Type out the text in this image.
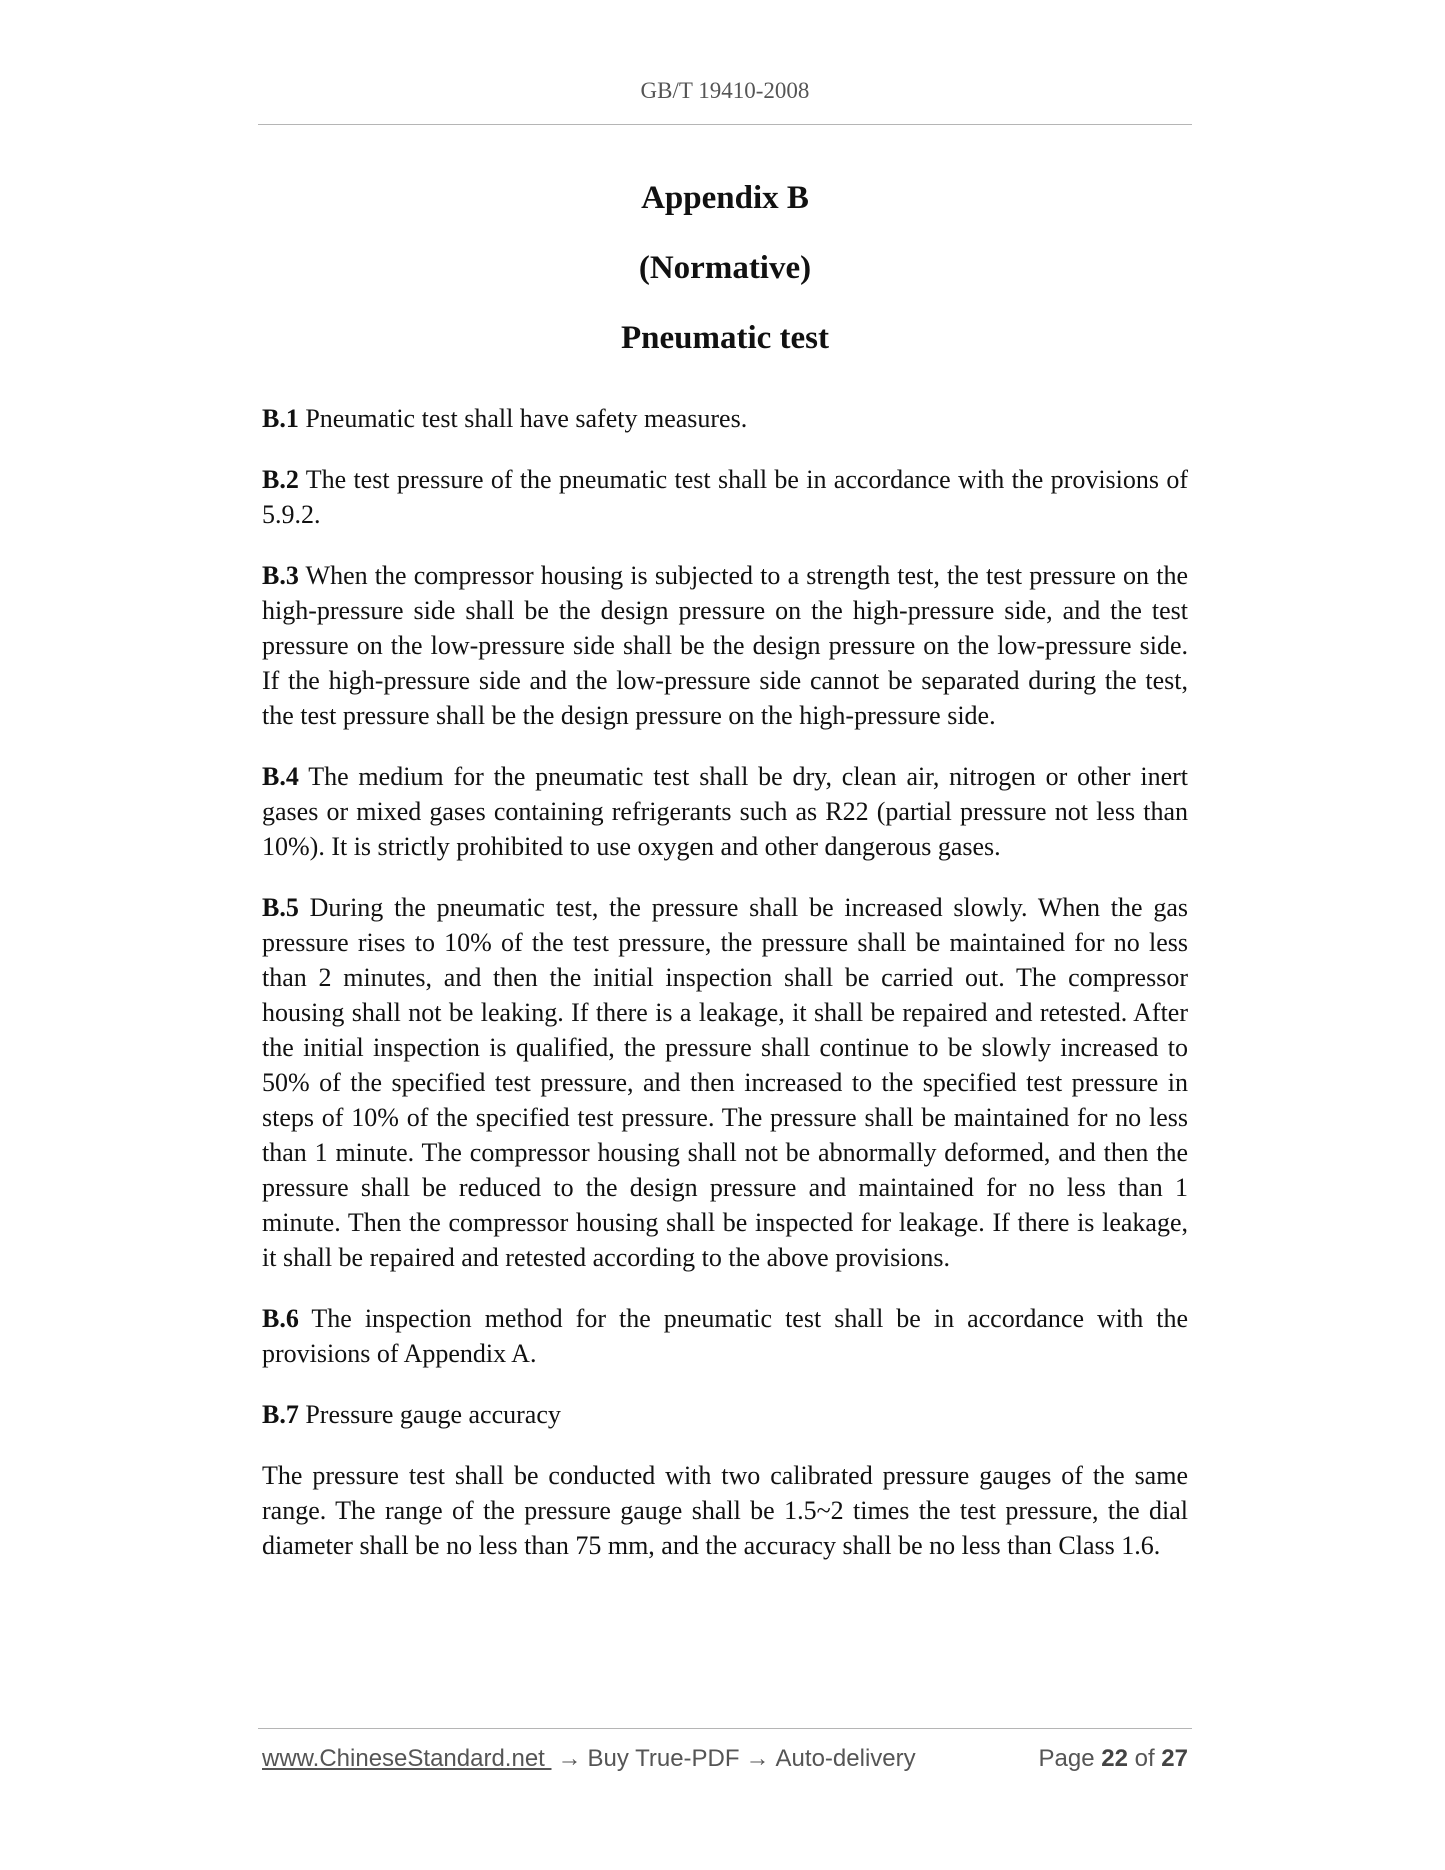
GB/T 19410-2008
Appendix B
(Normative)
Pneumatic test

B.1 Pneumatic test shall have safety measures.

B.2 The test pressure of the pneumatic test shall be in accordance with the provisions of 5.9.2.

B.3 When the compressor housing is subjected to a strength test, the test pressure on the high-pressure side shall be the design pressure on the high-pressure side, and the test pressure on the low-pressure side shall be the design pressure on the low-pressure side. If the high-pressure side and the low-pressure side cannot be separated during the test, the test pressure shall be the design pressure on the high-pressure side.

B.4 The medium for the pneumatic test shall be dry, clean air, nitrogen or other inert gases or mixed gases containing refrigerants such as R22 (partial pressure not less than 10%). It is strictly prohibited to use oxygen and other dangerous gases.

B.5 During the pneumatic test, the pressure shall be increased slowly. When the gas pressure rises to 10% of the test pressure, the pressure shall be maintained for no less than 2 minutes, and then the initial inspection shall be carried out. The compressor housing shall not be leaking. If there is a leakage, it shall be repaired and retested. After the initial inspection is qualified, the pressure shall continue to be slowly increased to 50% of the specified test pressure, and then increased to the specified test pressure in steps of 10% of the specified test pressure. The pressure shall be maintained for no less than 1 minute. The compressor housing shall not be abnormally deformed, and then the pressure shall be reduced to the design pressure and maintained for no less than 1 minute. Then the compressor housing shall be inspected for leakage. If there is leakage, it shall be repaired and retested according to the above provisions.

B.6 The inspection method for the pneumatic test shall be in accordance with the provisions of Appendix A.

B.7 Pressure gauge accuracy

The pressure test shall be conducted with two calibrated pressure gauges of the same range. The range of the pressure gauge shall be 1.5~2 times the test pressure, the dial diameter shall be no less than 75 mm, and the accuracy shall be no less than Class 1.6.

www.ChineseStandard.net → Buy True-PDF → Auto-delivery	Page 22 of 27
